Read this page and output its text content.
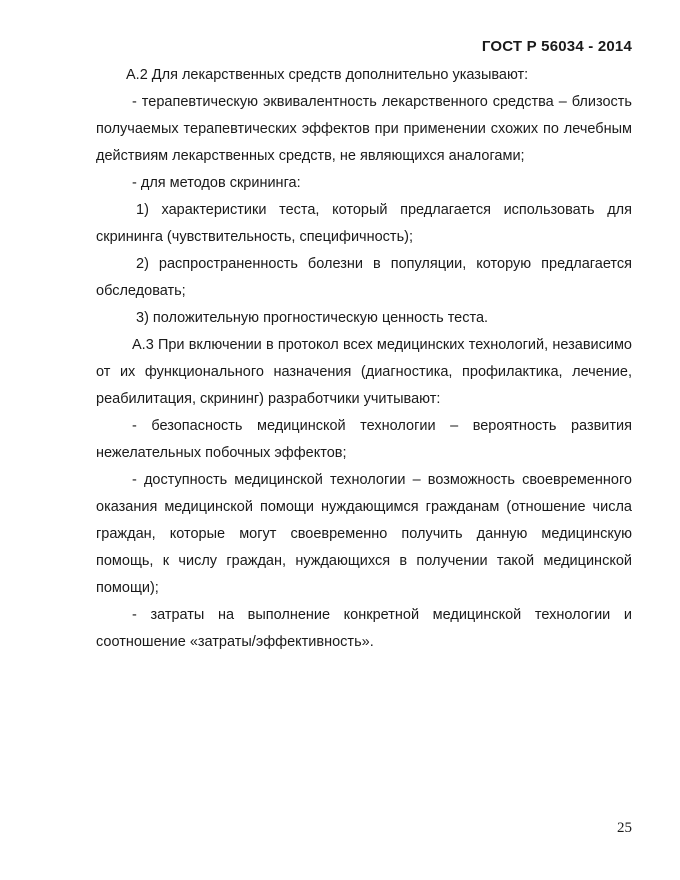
ГОСТ Р 56034 - 2014

А.2 Для лекарственных средств дополнительно указывают:

- терапевтическую эквивалентность лекарственного средства – близость получаемых терапевтических эффектов при применении схожих по лечебным действиям лекарственных средств, не являющихся аналогами;

- для методов скрининга:

1) характеристики теста, который предлагается использовать для скрининга (чувствительность, специфичность);

2) распространенность болезни в популяции, которую предлагается обследовать;

3) положительную прогностическую ценность теста.

А.3 При включении в протокол всех медицинских технологий, независимо от их функционального назначения (диагностика, профилактика, лечение, реабилитация, скрининг) разработчики учитывают:

- безопасность медицинской технологии – вероятность развития нежелательных побочных эффектов;

- доступность медицинской технологии – возможность своевременного оказания медицинской помощи нуждающимся гражданам (отношение числа граждан, которые могут своевременно получить данную медицинскую помощь, к числу граждан, нуждающихся в получении такой медицинской помощи);

- затраты на выполнение конкретной медицинской технологии и соотношение «затраты/эффективность».

25
